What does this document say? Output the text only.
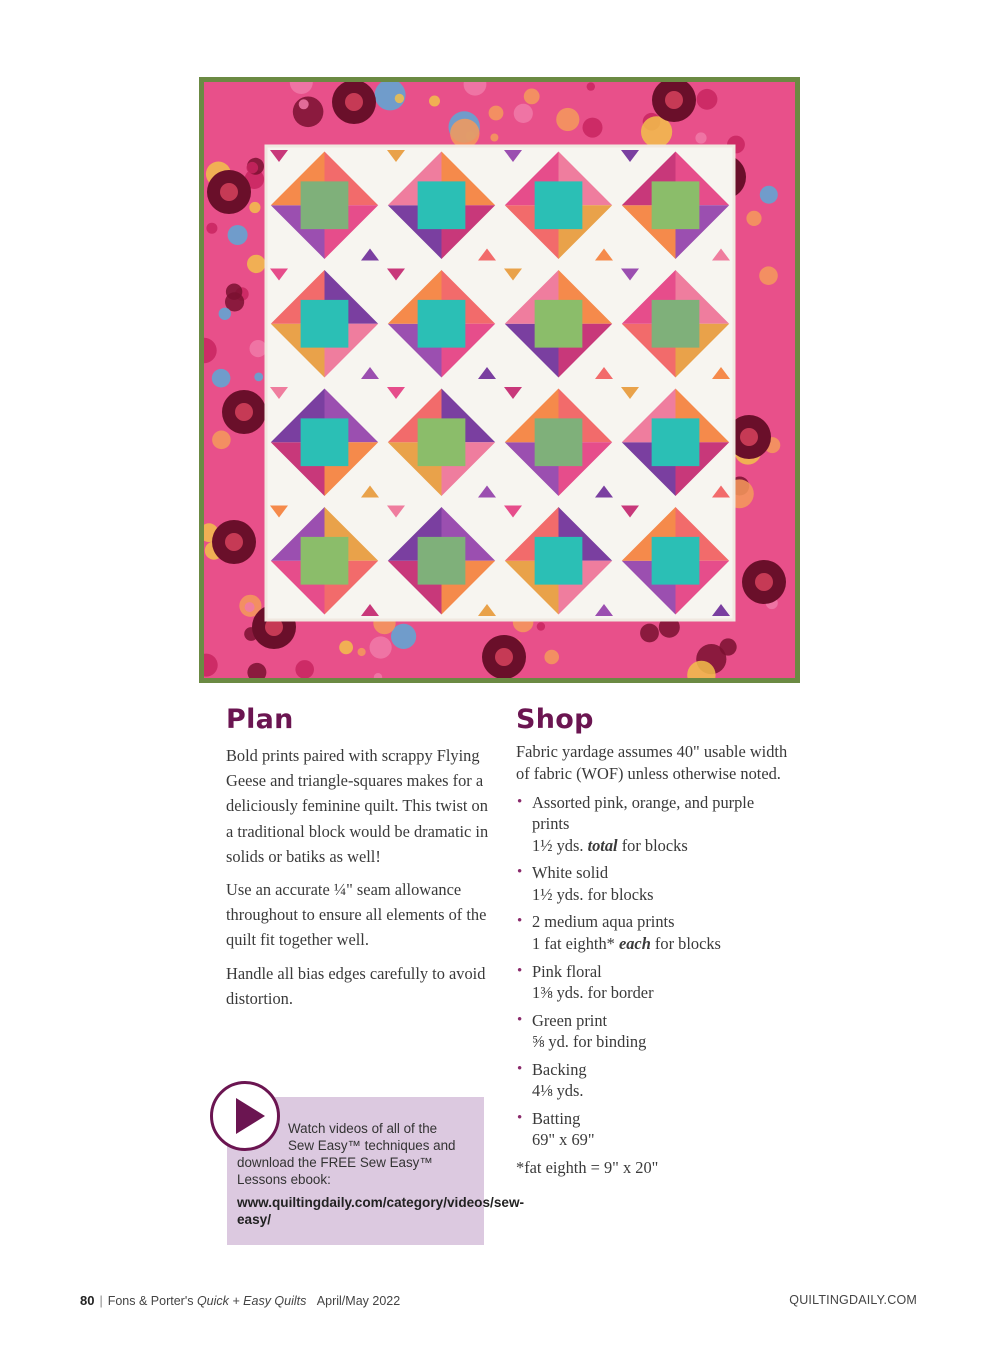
Plan

Bold prints paired with scrappy Flying Geese and triangle-squares makes for a deliciously feminine quilt. This twist on a traditional block would be dramatic in solids or batiks as well!

Use an accurate ¼" seam allowance throughout to ensure all elements of the quilt fit together well.

Handle all bias edges carefully to avoid distortion.

Shop

Fabric yardage assumes 40" usable width of fabric (WOF) unless otherwise noted.

• Assorted pink, orange, and purple prints
1½ yds. total for blocks
• White solid
1½ yds. for blocks
• 2 medium aqua prints
1 fat eighth* each for blocks
• Pink floral
1⅜ yds. for border
• Green print
⅝ yd. for binding
• Backing
4⅛ yds.
• Batting
69" x 69"

*fat eighth = 9" x 20"

Watch videos of all of the
Sew Easy™ techniques and
download the FREE Sew Easy™ Lessons ebook:
www.quiltingdaily.com/category/videos/sew-easy/
80 | Fons & Porter's Quick + Easy Quilts April/May 2022	QUILTINGDAILY.COM
